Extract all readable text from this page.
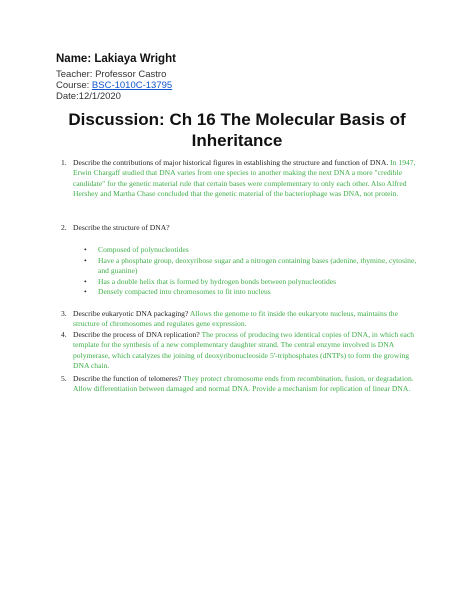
Name: Lakiaya Wright
Teacher: Professor Castro
Course: BSC-1010C-13795
Date:12/1/2020
Discussion: Ch 16 The Molecular Basis of Inheritance
1. Describe the contributions of major historical figures in establishing the structure and function of DNA. In 1947, Erwin Chargaff studied that DNA varies from one species to another making the next DNA a more "credible candidate" for the genetic material rule that certain bases were complementary to only each other. Also Alfred Hershey and Martha Chase concluded that the genetic material of the bacteriophage was DNA, not protein.
2. Describe the structure of DNA?
• Composed of polynucleotides
• Have a phosphate group, deoxyribose sugar and a nitrogen containing bases (adenine, thymine, cytosine, and guanine)
• Has a double helix that is formed by hydrogen bonds between polynucleotides
• Densely compacted into chromosomes to fit into nucleus
3. Describe eukaryotic DNA packaging? Allows the genome to fit inside the eukaryote nucleus, maintains the structure of chromosomes and regulates gene expression.
4. Describe the process of DNA replication? The process of producing two identical copies of DNA, in which each template for the synthesis of a new complementary daughter strand. The central enzyme involved is DNA polymerase, which catalyzes the joining of deoxyribonucleoside 5'-triphosphates (dNTPs) to form the growing DNA chain.
5. Describe the function of telomeres? They protect chromosome ends from recombination, fusion, or degradation. Allow differentiation between damaged and normal DNA. Provide a mechanism for replication of linear DNA.
